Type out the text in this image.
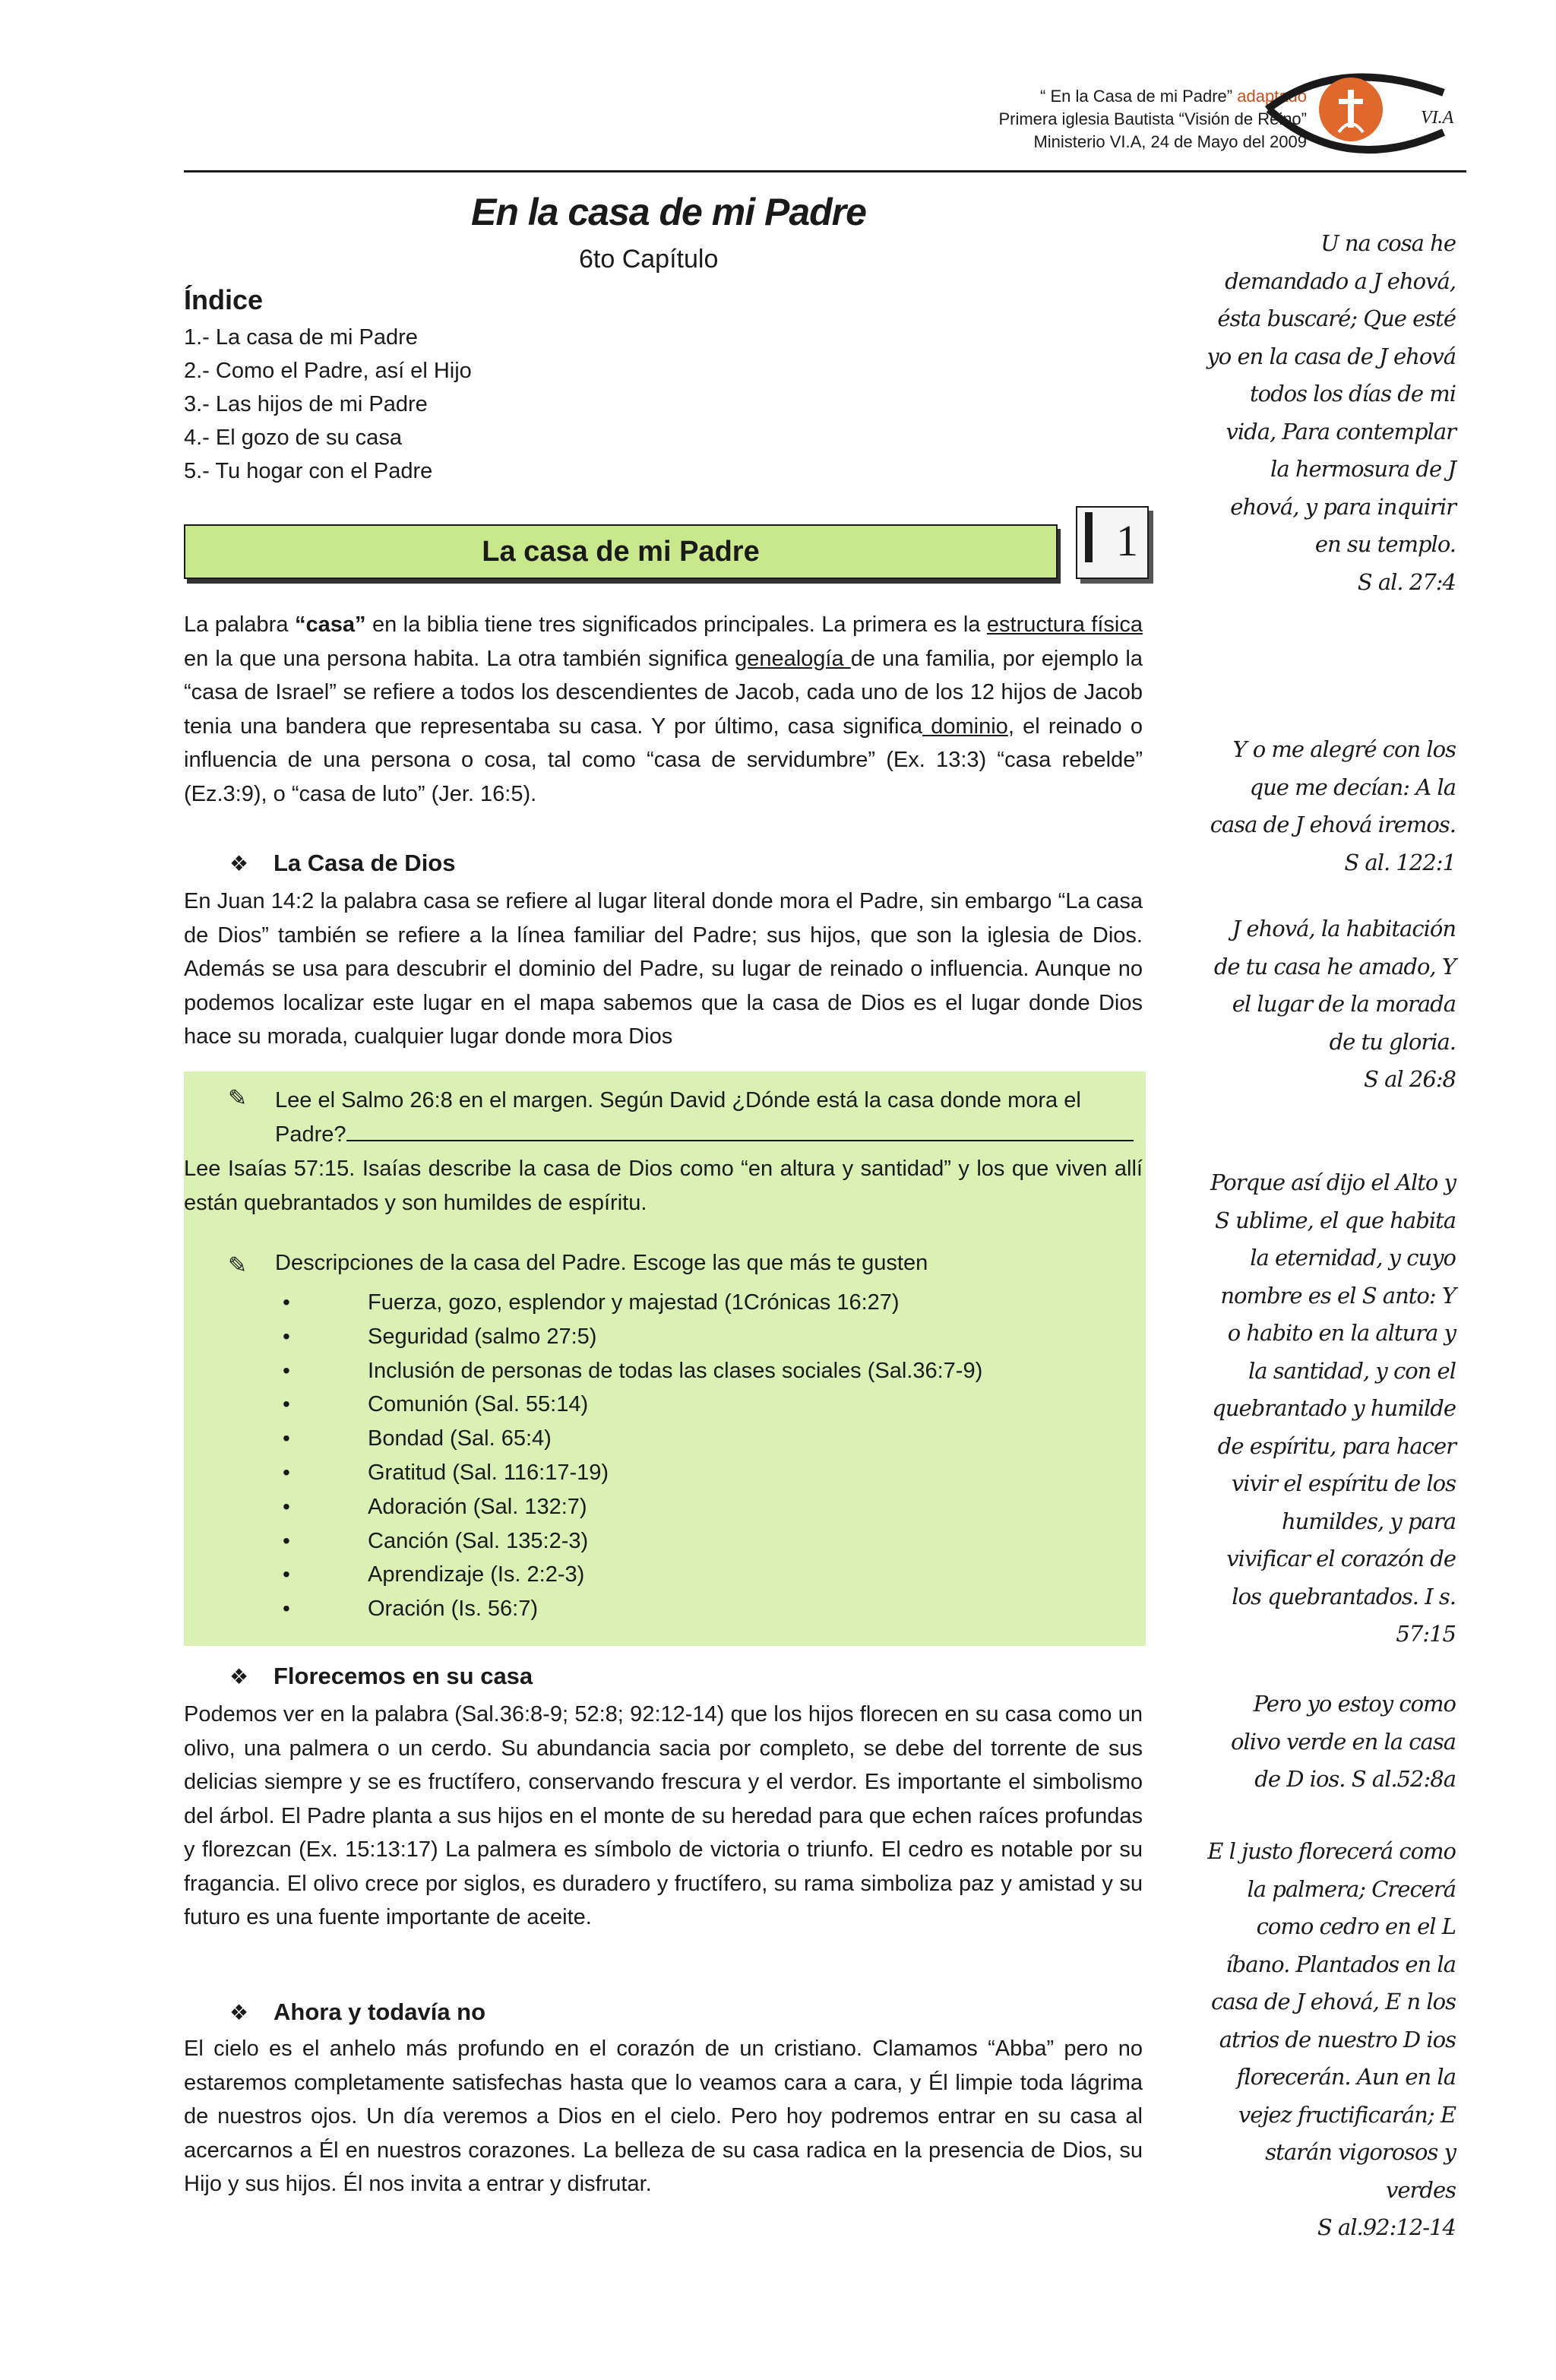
“ En la Casa de mi Padre” adaptado
Primera iglesia Bautista “Visión de Reino”
Ministerio VI.A, 24 de Mayo del 2009
VI.A
En la casa de mi Padre
6to Capítulo
Índice
1.- La casa de mi Padre
2.- Como el Padre, así el Hijo
3.- Las hijos de mi Padre
4.- El gozo de su casa
5.- Tu hogar con el Padre
La casa de mi Padre	1

La palabra “casa” en la biblia tiene tres significados principales. La primera es la estructura física en la que una persona habita. La otra también significa genealogía de una familia, por ejemplo la “casa de Israel” se refiere a todos los descendientes de Jacob, cada uno de los 12 hijos de Jacob tenia una bandera que representaba su casa. Y por último, casa significa dominio, el reinado o influencia de una persona o cosa, tal como “casa de servidumbre” (Ex. 13:3) “casa rebelde” (Ez.3:9), o “casa de luto” (Jer. 16:5).

❖ La Casa de Dios

En Juan 14:2 la palabra casa se refiere al lugar literal donde mora el Padre, sin embargo “La casa de Dios” también se refiere a la línea familiar del Padre; sus hijos, que son la iglesia de Dios. Además se usa para descubrir el dominio del Padre, su lugar de reinado o influencia. Aunque no podemos localizar este lugar en el mapa sabemos que la casa de Dios es el lugar donde Dios hace su morada, cualquier lugar donde mora Dios

✎ Lee el Salmo 26:8 en el margen. Según David ¿Dónde está la casa donde mora el
Padre?

Lee Isaías 57:15. Isaías describe la casa de Dios como “en altura y santidad” y los que viven allí están quebrantados y son humildes de espíritu.

✎ Descripciones de la casa del Padre. Escoge las que más te gusten
• Fuerza, gozo, esplendor y majestad (1Crónicas 16:27)
• Seguridad (salmo 27:5)
• Inclusión de personas de todas las clases sociales (Sal.36:7-9)
• Comunión (Sal. 55:14)
• Bondad (Sal. 65:4)
• Gratitud (Sal. 116:17-19)
• Adoración (Sal. 132:7)
• Canción (Sal. 135:2-3)
• Aprendizaje (Is. 2:2-3)
• Oración (Is. 56:7)
❖ Florecemos en su casa

Podemos ver en la palabra (Sal.36:8-9; 52:8; 92:12-14) que los hijos florecen en su casa como un olivo, una palmera o un cerdo. Su abundancia sacia por completo, se debe del torrente de sus delicias siempre y se es fructífero, conservando frescura y el verdor. Es importante el simbolismo del árbol. El Padre planta a sus hijos en el monte de su heredad para que echen raíces profundas y florezcan (Ex. 15:13:17) La palmera es símbolo de victoria o triunfo. El cedro es notable por su fragancia. El olivo crece por siglos, es duradero y fructífero, su rama simboliza paz y amistad y su futuro es una fuente importante de aceite.

❖ Ahora y todavía no

El cielo es el anhelo más profundo en el corazón de un cristiano. Clamamos “Abba” pero no estaremos completamente satisfechas hasta que lo veamos cara a cara, y Él limpie toda lágrima de nuestros ojos. Un día veremos a Dios en el cielo. Pero hoy podremos entrar en su casa al acercarnos a Él en nuestros corazones. La belleza de su casa radica en la presencia de Dios, su Hijo y sus hijos. Él nos invita a entrar y disfrutar.

U na cosa he demandado a J ehová, ésta buscaré; Que esté yo en la casa de J ehová todos los días de mi vida, Para contemplar la hermosura de J ehová, y para inquirir en su templo.
S al. 27:4
Y o me alegré con los que me decían: A la casa de J ehová iremos.
S al. 122:1
J ehová, la habitación de tu casa he amado, Y el lugar de la morada de tu gloria.
S al 26:8
Porque así dijo el Alto y S ublime, el que habita la eternidad, y cuyo nombre es el S anto: Y o habito en la altura y la santidad, y con el quebrantado y humilde de espíritu, para hacer vivir el espíritu de los humildes, y para vivificar el corazón de los quebrantados. I s. 57:15
Pero yo estoy como olivo verde en la casa de D ios. S al.52:8a
E l justo florecerá como la palmera; Crecerá como cedro en el L íbano. Plantados en la casa de J ehová, E n los atrios de nuestro D ios florecerán. Aun en la vejez fructificarán; E starán vigorosos y verdes
S al.92:12-14
